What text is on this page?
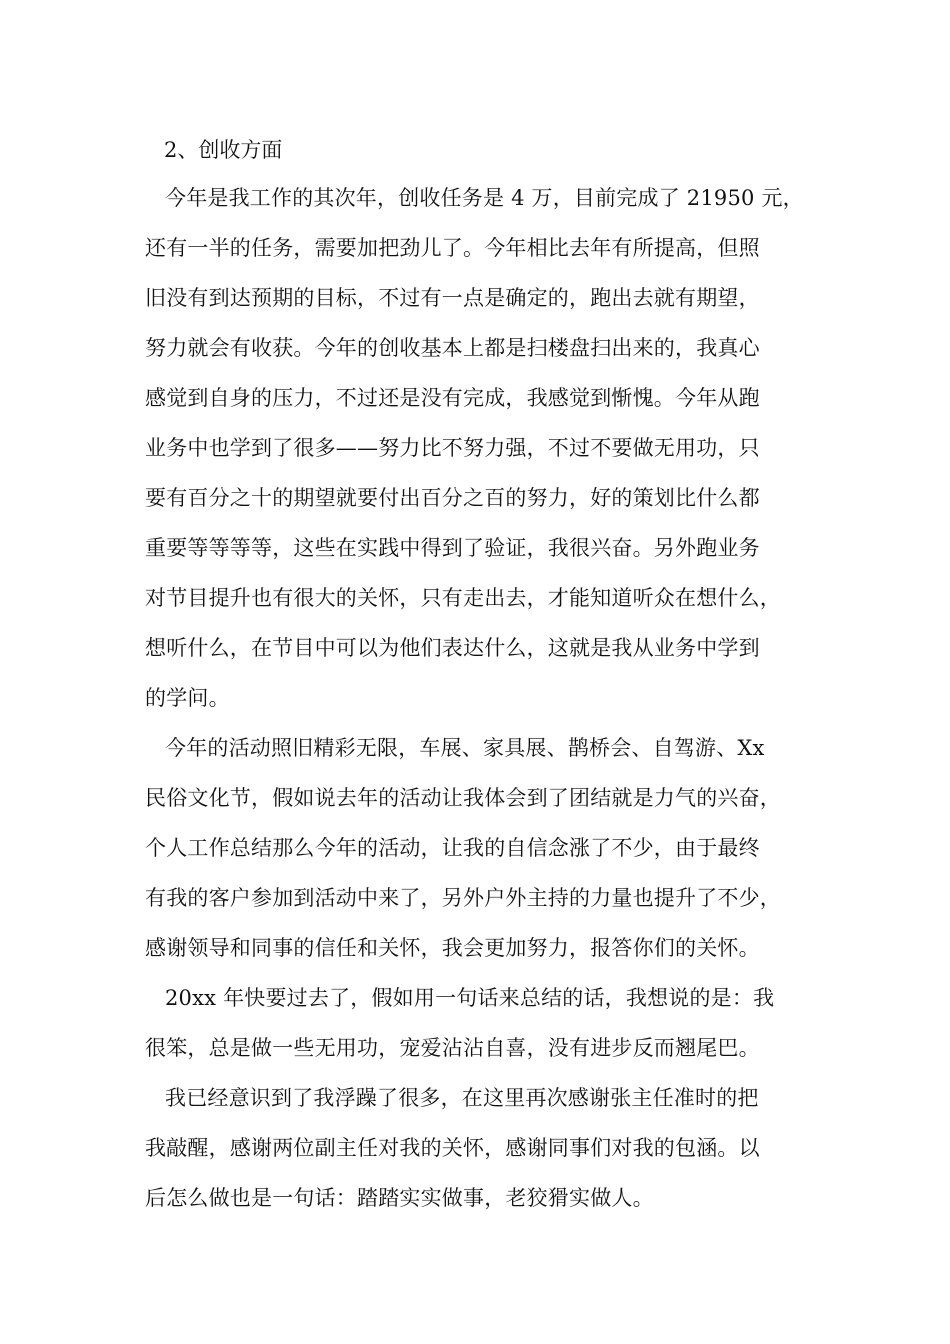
2、创收方面
今年是我工作的其次年，创收任务是 4 万，目前完成了 21950 元，
还有一半的任务，需要加把劲儿了。今年相比去年有所提高，但照
旧没有到达预期的目标，不过有一点是确定的，跑出去就有期望，
努力就会有收获。今年的创收基本上都是扫楼盘扫出来的，我真心
感觉到自身的压力，不过还是没有完成，我感觉到惭愧。今年从跑
业务中也学到了很多——努力比不努力强，不过不要做无用功，只
要有百分之十的期望就要付出百分之百的努力，好的策划比什么都
重要等等等等，这些在实践中得到了验证，我很兴奋。另外跑业务
对节目提升也有很大的关怀，只有走出去，才能知道听众在想什么，
想听什么，在节目中可以为他们表达什么，这就是我从业务中学到
的学问。
今年的活动照旧精彩无限，车展、家具展、鹊桥会、自驾游、Xx
民俗文化节，假如说去年的活动让我体会到了团结就是力气的兴奋，
个人工作总结那么今年的活动，让我的自信念涨了不少，由于最终
有我的客户参加到活动中来了，另外户外主持的力量也提升了不少，
感谢领导和同事的信任和关怀，我会更加努力，报答你们的关怀。
20xx 年快要过去了，假如用一句话来总结的话，我想说的是：我
很笨，总是做一些无用功，宠爱沾沾自喜，没有进步反而翘尾巴。
我已经意识到了我浮躁了很多，在这里再次感谢张主任准时的把
我敲醒，感谢两位副主任对我的关怀，感谢同事们对我的包涵。以
后怎么做也是一句话：踏踏实实做事，老狡猾实做人。
